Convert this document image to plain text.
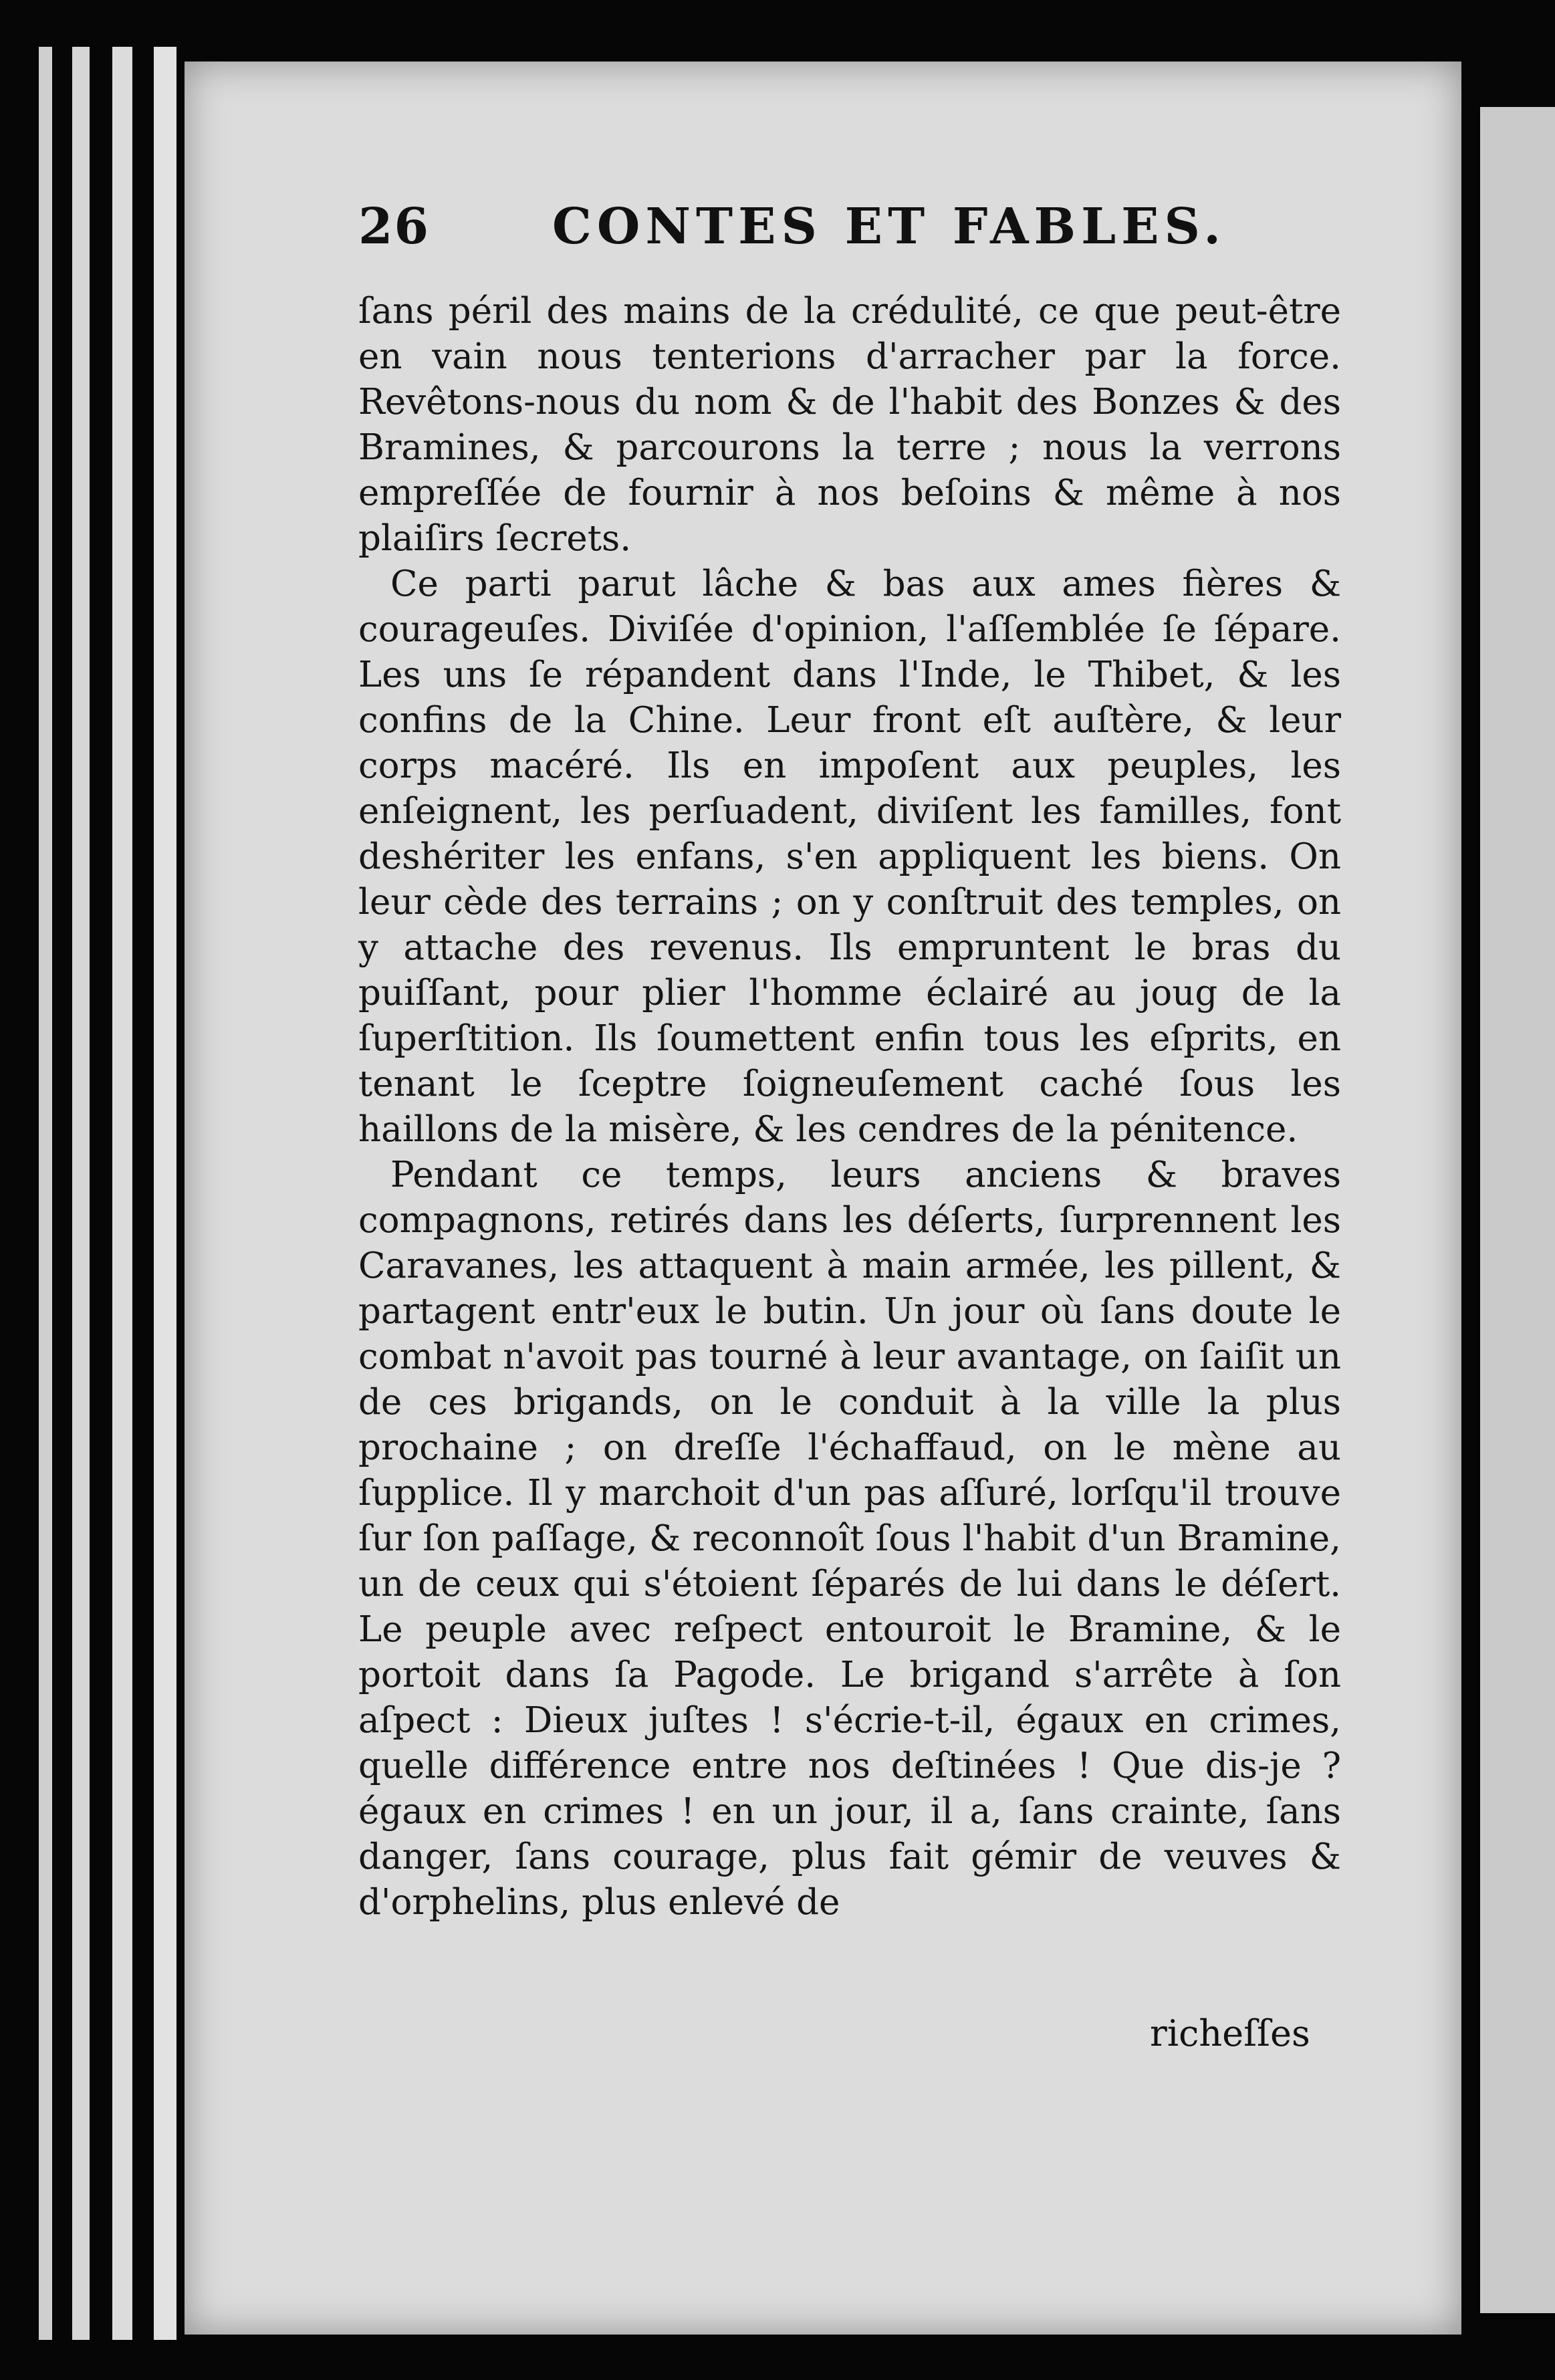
26 CONTES ET FABLES.

ſans péril des mains de la crédulité, ce que peut-être en vain nous tenterions d'arracher par la force. Revêtons-nous du nom & de l'habit des Bonzes & des Bramines, & parcourons la terre ; nous la verrons empreſſée de fournir à nos beſoins & même à nos plaiſirs ſecrets.

Ce parti parut lâche & bas aux ames fières & courageuſes. Diviſée d'opinion, l'aſſemblée ſe ſépare. Les uns ſe répandent dans l'Inde, le Thibet, & les confins de la Chine. Leur front eſt auſtère, & leur corps macéré. Ils en impoſent aux peuples, les enſeignent, les perſuadent, diviſent les familles, font deshériter les enfans, s'en appliquent les biens. On leur cède des terrains ; on y conſtruit des temples, on y attache des revenus. Ils empruntent le bras du puiſſant, pour plier l'homme éclairé au joug de la ſuperſtition. Ils ſoumettent enfin tous les eſprits, en tenant le ſceptre ſoigneuſement caché ſous les haillons de la misère, & les cendres de la pénitence.

Pendant ce temps, leurs anciens & braves compagnons, retirés dans les déſerts, ſurprennent les Caravanes, les attaquent à main armée, les pillent, & partagent entr'eux le butin. Un jour où ſans doute le combat n'avoit pas tourné à leur avantage, on ſaiſit un de ces brigands, on le conduit à la ville la plus prochaine ; on dreſſe l'échaffaud, on le mène au ſupplice. Il y marchoit d'un pas aſſuré, lorſqu'il trouve ſur ſon paſſage, & reconnoît ſous l'habit d'un Bramine, un de ceux qui s'étoient ſéparés de lui dans le déſert. Le peuple avec reſpect entouroit le Bramine, & le portoit dans ſa Pagode. Le brigand s'arrête à ſon aſpect : Dieux juſtes ! s'écrie-t-il, égaux en crimes, quelle différence entre nos deſtinées ! Que dis-je ? égaux en crimes ! en un jour, il a, ſans crainte, ſans danger, ſans courage, plus fait gémir de veuves & d'orphelins, plus enlevé de

richeſſes
